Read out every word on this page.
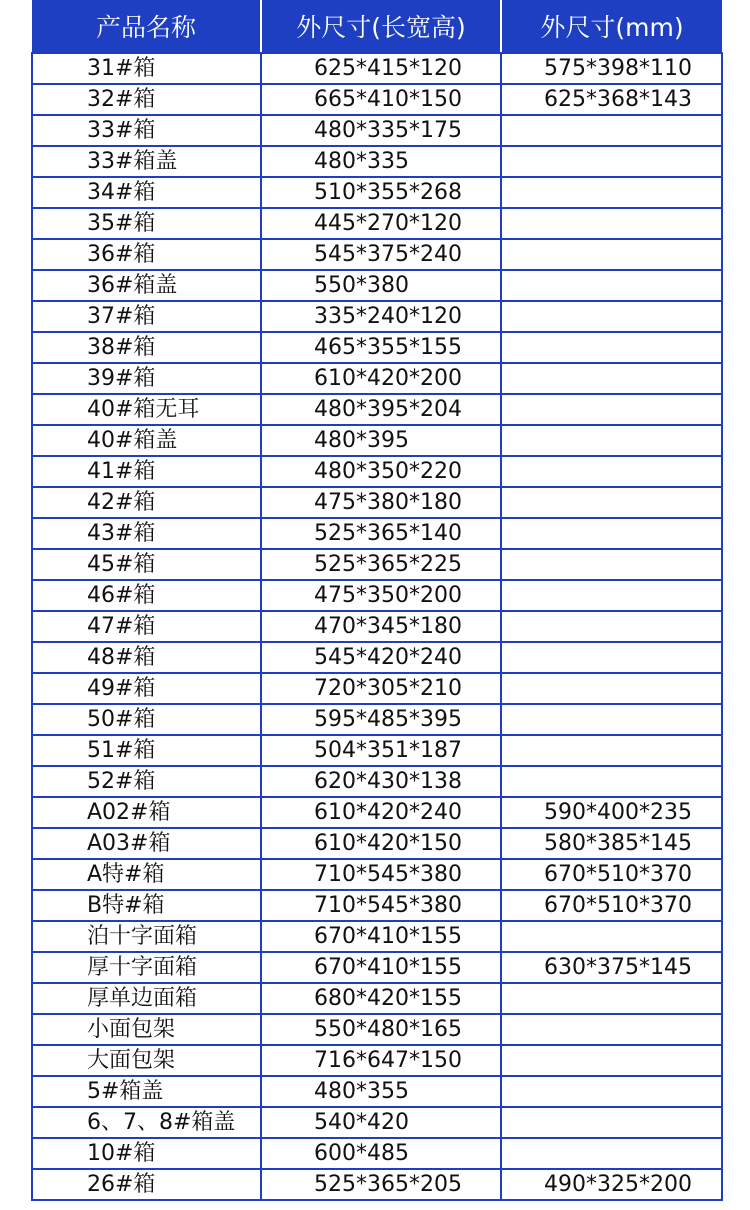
产品名称	外尺寸(长宽高)	外尺寸(mm)
31#箱	625*415*120	575*398*110
32#箱	665*410*150	625*368*143
33#箱	480*335*175	
33#箱盖	480*335	
34#箱	510*355*268	
35#箱	445*270*120	
36#箱	545*375*240	
36#箱盖	550*380	
37#箱	335*240*120	
38#箱	465*355*155	
39#箱	610*420*200	
40#箱无耳	480*395*204	
40#箱盖	480*395	
41#箱	480*350*220	
42#箱	475*380*180	
43#箱	525*365*140	
45#箱	525*365*225	
46#箱	475*350*200	
47#箱	470*345*180	
48#箱	545*420*240	
49#箱	720*305*210	
50#箱	595*485*395	
51#箱	504*351*187	
52#箱	620*430*138	
A02#箱	610*420*240	590*400*235
A03#箱	610*420*150	580*385*145
A特#箱	710*545*380	670*510*370
B特#箱	710*545*380	670*510*370
泊十字面箱	670*410*155	
厚十字面箱	670*410*155	630*375*145
厚单边面箱	680*420*155	
小面包架	550*480*165	
大面包架	716*647*150	
5#箱盖	480*355	
6、7、8#箱盖	540*420	
10#箱	600*485	
26#箱	525*365*205	490*325*200
